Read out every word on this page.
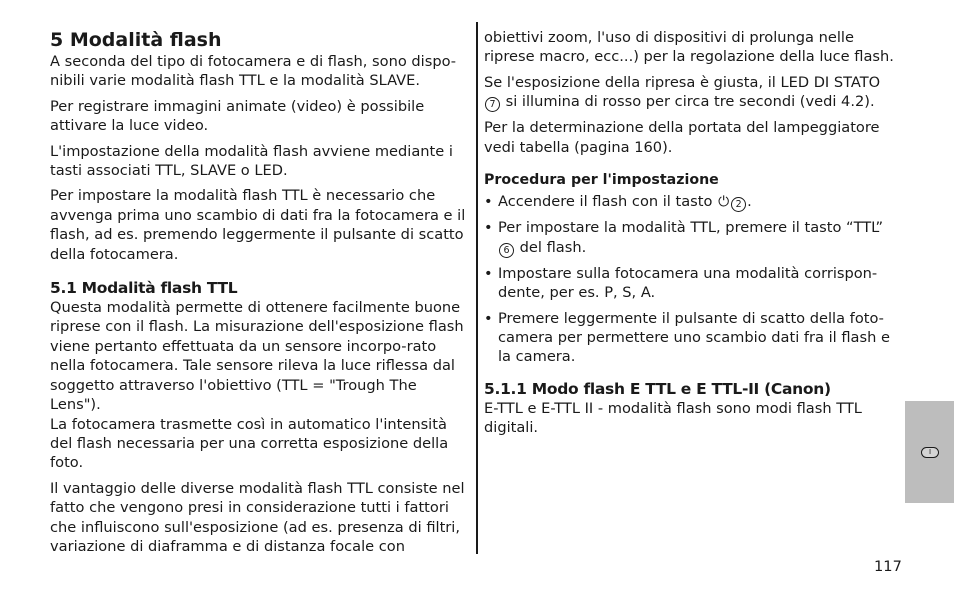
5 Modalità flash

A seconda del tipo di fotocamera e di flash, sono dispo-nibili varie modalità flash TTL e la modalità SLAVE.

Per registrare immagini animate (video) è possibile attivare la luce video.

L'impostazione della modalità flash avviene mediante i tasti associati TTL, SLAVE o LED.

Per impostare la modalità flash TTL è necessario che avvenga prima uno scambio di dati fra la fotocamera e il flash, ad es. premendo leggermente il pulsante di scatto della fotocamera.

5.1 Modalità flash TTL

Questa modalità permette di ottenere facilmente buone riprese con il flash. La misurazione dell'esposizione flash viene pertanto effettuata da un sensore incorpo-rato nella fotocamera. Tale sensore rileva la luce riflessa dal soggetto attraverso l'obiettivo (TTL = "Trough The Lens").

La fotocamera trasmette così in automatico l'intensità del flash necessaria per una corretta esposizione della foto.

Il vantaggio delle diverse modalità flash TTL consiste nel fatto che vengono presi in considerazione tutti i fattori che influiscono sull'esposizione (ad es. presenza di filtri, variazione di diaframma e di distanza focale con

obiettivi zoom, l'uso di dispositivi di prolunga nelle riprese macro, ecc...) per la regolazione della luce flash.

Se l'esposizione della ripresa è giusta, il LED DI STATO
7 si illumina di rosso per circa tre secondi (vedi 4.2).

Per la determinazione della portata del lampeggiatore vedi tabella (pagina 160).

Procedura per l'impostazione
• Accendere il flash con il tasto ⏻ 2 .
• Per impostare la modalità TTL, premere il tasto “TTL”
6 del flash.
• Impostare sulla fotocamera una modalità corrispon-dente, per es. P, S, A.
• Premere leggermente il pulsante di scatto della foto-camera per permettere uno scambio dati fra il flash e la camera.
5.1.1 Modo flash E TTL e E TTL-II (Canon)

E-TTL e E-TTL II - modalità flash sono modi flash TTL digitali.

I
117
